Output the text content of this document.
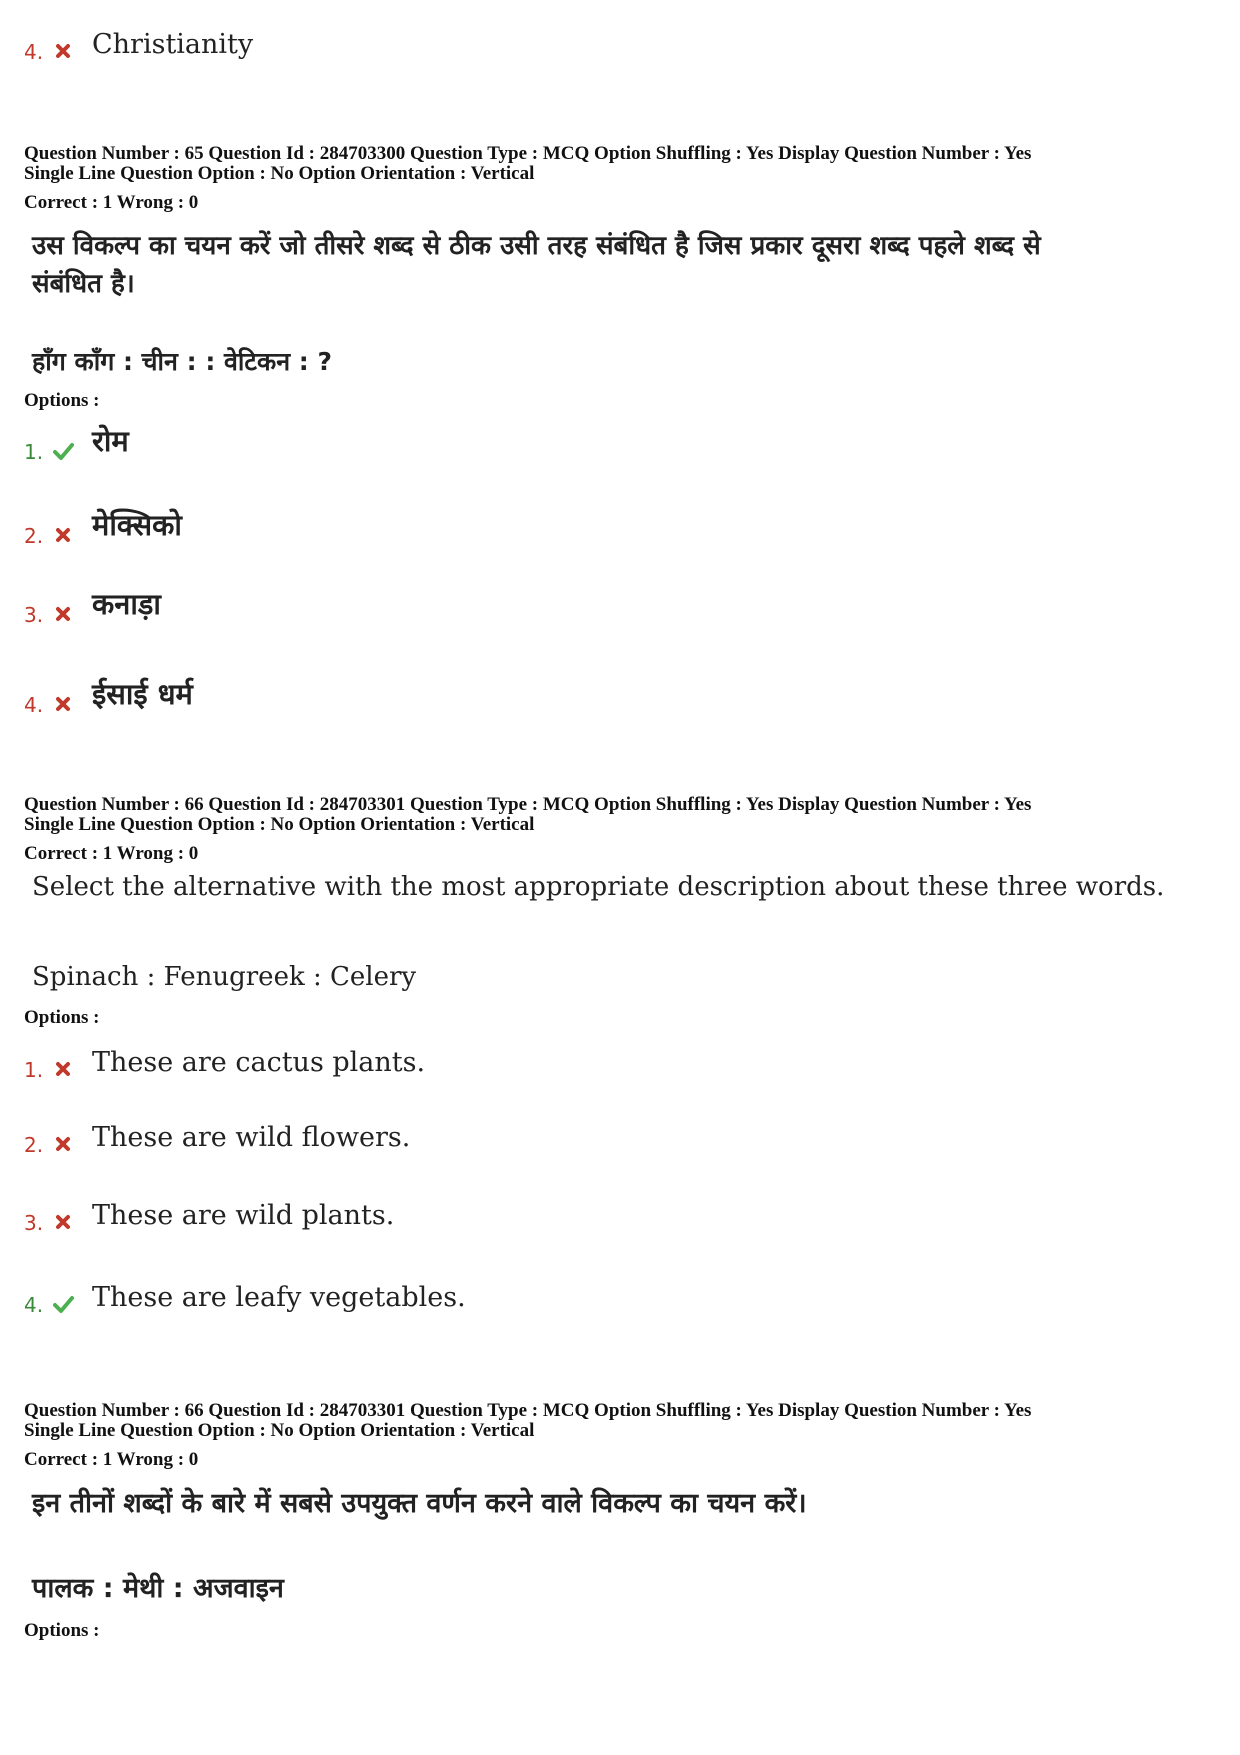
4. Christianity
Question Number : 65 Question Id : 284703300 Question Type : MCQ Option Shuffling : Yes Display Question Number : Yes
Single Line Question Option : No Option Orientation : Vertical
Correct : 1 Wrong : 0
उस विकल्प का चयन करें जो तीसरे शब्द से ठीक उसी तरह संबंधित है जिस प्रकार दूसरा शब्द पहले शब्द से
संबंधित है।
हाँग काँग : चीन : : वेटिकन : ?
Options :
1. रोम
2. मेक्सिको
3. कनाड़ा
4. ईसाई धर्म
Question Number : 66 Question Id : 284703301 Question Type : MCQ Option Shuffling : Yes Display Question Number : Yes
Single Line Question Option : No Option Orientation : Vertical
Correct : 1 Wrong : 0
Select the alternative with the most appropriate description about these three words.
Spinach : Fenugreek : Celery
Options :
1. These are cactus plants.
2. These are wild flowers.
3. These are wild plants.
4. These are leafy vegetables.
Question Number : 66 Question Id : 284703301 Question Type : MCQ Option Shuffling : Yes Display Question Number : Yes
Single Line Question Option : No Option Orientation : Vertical
Correct : 1 Wrong : 0
इन तीनों शब्दों के बारे में सबसे उपयुक्त वर्णन करने वाले विकल्प का चयन करें।
पालक : मेथी : अजवाइन
Options :
